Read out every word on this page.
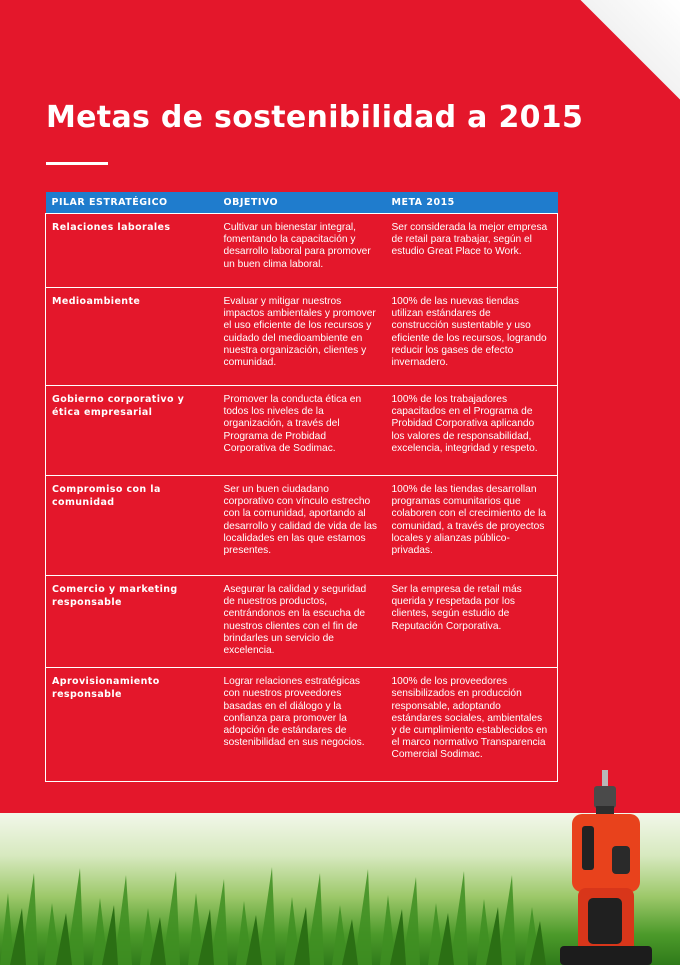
Metas de sostenibilidad a 2015
PILAR ESTRATÉGICO	OBJETIVO	META 2015
Relaciones laborales	Cultivar un bienestar integral, fomentando la capacitación y desarrollo laboral para promover un buen clima laboral.	Ser considerada la mejor empresa de retail para trabajar, según el estudio Great Place to Work.
Medioambiente	Evaluar y mitigar nuestros impactos ambientales y promover el uso eficiente de los recursos y cuidado del medioambiente en nuestra organización, clientes y comunidad.	100% de las nuevas tiendas utilizan estándares de construcción sustentable y uso eficiente de los recursos, logrando reducir los gases de efecto invernadero.
Gobierno corporativo y ética empresarial	Promover la conducta ética en todos los niveles de la organización, a través del Programa de Probidad Corporativa de Sodimac.	100% de los trabajadores capacitados en el Programa de Probidad Corporativa aplicando los valores de responsabilidad, excelencia, integridad y respeto.
Compromiso con la comunidad	Ser un buen ciudadano corporativo con vínculo estrecho con la comunidad, aportando al desarrollo y calidad de vida de las localidades en las que estamos presentes.	100% de las tiendas desarrollan programas comunitarios que colaboren con el crecimiento de la comunidad, a través de proyectos locales y alianzas público-privadas.
Comercio y marketing responsable	Asegurar la calidad y seguridad de nuestros productos, centrándonos en la escucha de nuestros clientes con el fin de brindarles un servicio de excelencia.	Ser la empresa de retail más querida y respetada por los clientes, según estudio de Reputación Corporativa.
Aprovisionamiento responsable	Lograr relaciones estratégicas con nuestros proveedores basadas en el diálogo y la confianza para promover la adopción de estándares de sostenibilidad en sus negocios.	100% de los proveedores sensibilizados en producción responsable, adoptando estándares sociales, ambientales y de cumplimiento establecidos en el marco normativo Transparencia Comercial Sodimac.
